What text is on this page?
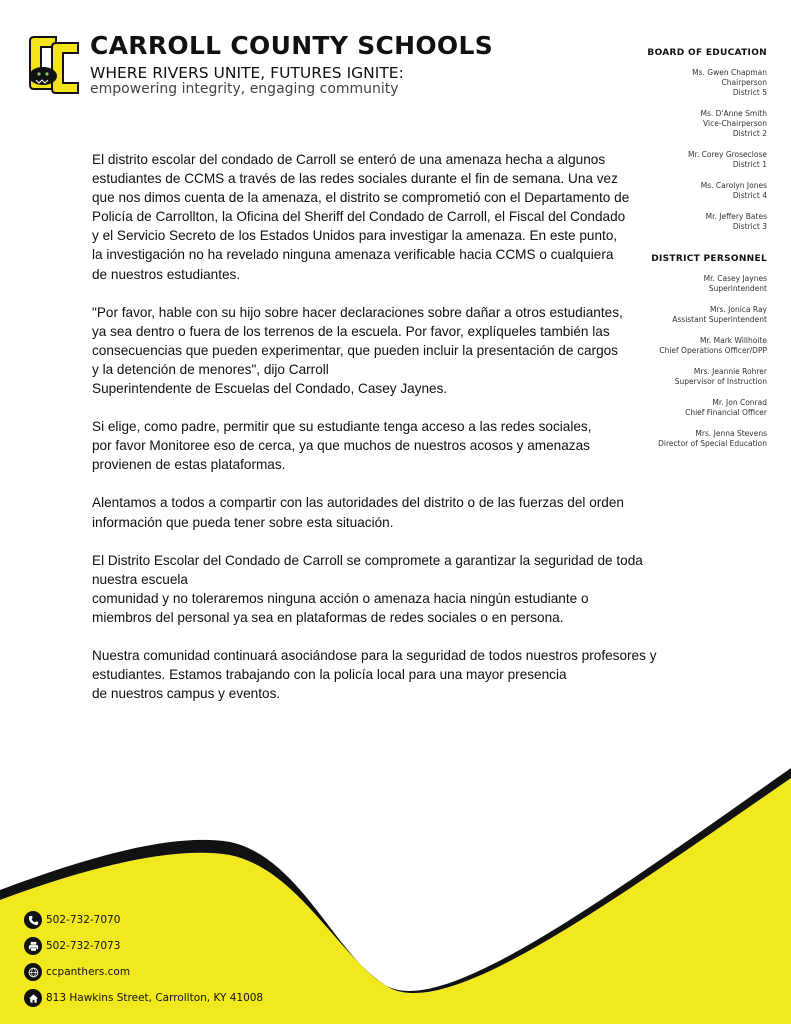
CARROLL COUNTY SCHOOLS
WHERE RIVERS UNITE, FUTURES IGNITE:
empowering integrity, engaging community
BOARD OF EDUCATION
Ms. Gwen Chapman
Chairperson
District 5
Ms. D'Anne Smith
Vice-Chairperson
District 2
Mr. Corey Groseclose
District 1
Ms. Carolyn Jones
District 4
Mr. Jeffery Bates
District 3
DISTRICT PERSONNEL
Mr. Casey Jaynes
Superintendent
Mrs. Jonica Ray
Assistant Superintendent
Mr. Mark Willhoite
Chief Operations Officer/DPP
Mrs. Jeannie Rohrer
Supervisor of Instruction
Mr. Jon Conrad
Chief Financial Officer
Mrs. Jenna Stevens
Director of Special Education

El distrito escolar del condado de Carroll se enteró de una amenaza hecha a algunos
estudiantes de CCMS a través de las redes sociales durante el fin de semana. Una vez
que nos dimos cuenta de la amenaza, el distrito se comprometió con el Departamento de
Policía de Carrollton, la Oficina del Sheriff del Condado de Carroll, el Fiscal del Condado
y el Servicio Secreto de los Estados Unidos para investigar la amenaza. En este punto,
la investigación no ha revelado ninguna amenaza verificable hacia CCMS o cualquiera
de nuestros estudiantes.

"Por favor, hable con su hijo sobre hacer declaraciones sobre dañar a otros estudiantes,
ya sea dentro o fuera de los terrenos de la escuela. Por favor, explíqueles también las
consecuencias que pueden experimentar, que pueden incluir la presentación de cargos
y la detención de menores", dijo Carroll
Superintendente de Escuelas del Condado, Casey Jaynes.

Si elige, como padre, permitir que su estudiante tenga acceso a las redes sociales,
por favor Monitoree eso de cerca, ya que muchos de nuestros acosos y amenazas
provienen de estas plataformas.

Alentamos a todos a compartir con las autoridades del distrito o de las fuerzas del orden
información que pueda tener sobre esta situación.

El Distrito Escolar del Condado de Carroll se compromete a garantizar la seguridad de toda
nuestra escuela
comunidad y no toleraremos ninguna acción o amenaza hacia ningún estudiante o
miembros del personal ya sea en plataformas de redes sociales o en persona.

Nuestra comunidad continuará asociándose para la seguridad de todos nuestros profesores y
estudiantes. Estamos trabajando con la policía local para una mayor presencia
de nuestros campus y eventos.

502-732-7070
502-732-7073
ccpanthers.com
813 Hawkins Street, Carrollton, KY 41008
